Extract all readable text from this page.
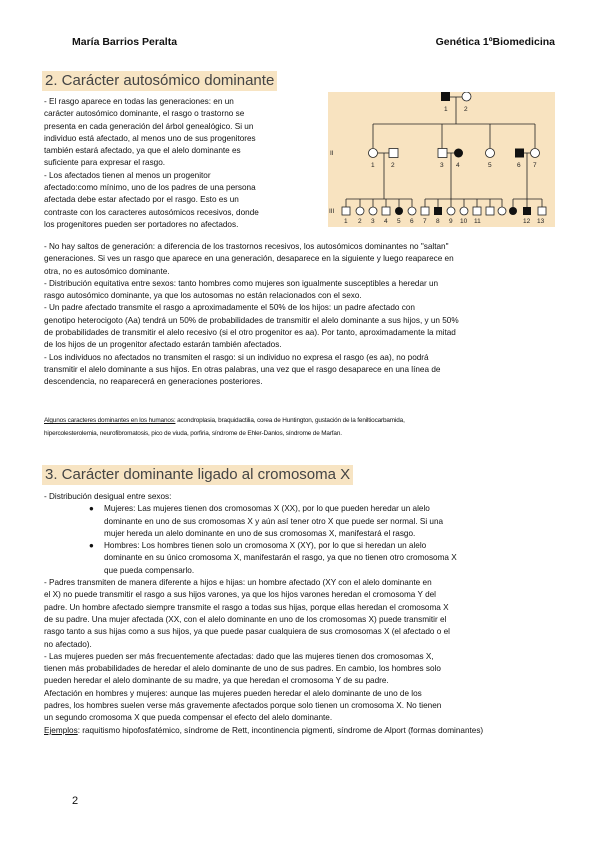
María Barrios Peralta	Genética 1ºBiomedicina
2. Carácter autosómico dominante

- El rasgo aparece en todas las generaciones: en un

carácter autosómico dominante, el rasgo o trastorno se

presenta en cada generación del árbol genealógico. Si un

individuo está afectado, al menos uno de sus progenitores

también estará afectado, ya que el alelo dominante es

suficiente para expresar el rasgo.

- Los afectados tienen al menos un progenitor

afectado:como mínimo, uno de los padres de una persona

afectada debe estar afectado por el rasgo. Esto es un

contraste con los caracteres autosómicos recesivos, donde

los progenitores pueden ser portadores no afectados.

II
III
1	2
1	2	3 4	5	6 7
1 2 3 4 5 6 7 8 9 10 11	12 13

- No hay saltos de generación: a diferencia de los trastornos recesivos, los autosómicos dominantes no "saltan"

generaciones. Si ves un rasgo que aparece en una generación, desaparece en la siguiente y luego reaparece en

otra, no es autosómico dominante.

- Distribución equitativa entre sexos: tanto hombres como mujeres son igualmente susceptibles a heredar un

rasgo autosómico dominante, ya que los autosomas no están relacionados con el sexo.

- Un padre afectado transmite el rasgo a aproximadamente el 50% de los hijos: un padre afectado con

genotipo heterocigoto (Aa) tendrá un 50% de probabilidades de transmitir el alelo dominante a sus hijos, y un 50%

de probabilidades de transmitir el alelo recesivo (si el otro progenitor es aa). Por tanto, aproximadamente la mitad

de los hijos de un progenitor afectado estarán también afectados.

- Los individuos no afectados no transmiten el rasgo: si un individuo no expresa el rasgo (es aa), no podrá

transmitir el alelo dominante a sus hijos. En otras palabras, una vez que el rasgo desaparece en una línea de

descendencia, no reaparecerá en generaciones posteriores.

Algunos caracteres dominantes en los humanos: acondroplasia, braquidactilia, corea de Huntington, gustación de la feniltiocarbamida,
hipercolesterolemia, neurofibromatosis, pico de viuda, porfiria, síndrome de Ehler-Danlos, síndrome de Marfan.
3. Carácter dominante ligado al cromosoma X

- Distribución desigual entre sexos:

● Mujeres: Las mujeres tienen dos cromosomas X (XX), por lo que pueden heredar un alelo

dominante en uno de sus cromosomas X y aún así tener otro X que puede ser normal. Si una

mujer hereda un alelo dominante en uno de sus cromosomas X, manifestará el rasgo.

● Hombres: Los hombres tienen solo un cromosoma X (XY), por lo que si heredan un alelo

dominante en su único cromosoma X, manifestarán el rasgo, ya que no tienen otro cromosoma X

que pueda compensarlo.

- Padres transmiten de manera diferente a hijos e hijas: un hombre afectado (XY con el alelo dominante en

el X) no puede transmitir el rasgo a sus hijos varones, ya que los hijos varones heredan el cromosoma Y del

padre. Un hombre afectado siempre transmite el rasgo a todas sus hijas, porque ellas heredan el cromosoma X

de su padre. Una mujer afectada (XX, con el alelo dominante en uno de los cromosomas X) puede transmitir el

rasgo tanto a sus hijas como a sus hijos, ya que puede pasar cualquiera de sus cromosomas X (el afectado o el

no afectado).

- Las mujeres pueden ser más frecuentemente afectadas: dado que las mujeres tienen dos cromosomas X,

tienen más probabilidades de heredar el alelo dominante de uno de sus padres. En cambio, los hombres solo

pueden heredar el alelo dominante de su madre, ya que heredan el cromosoma Y de su padre.

Afectación en hombres y mujeres: aunque las mujeres pueden heredar el alelo dominante de uno de los

padres, los hombres suelen verse más gravemente afectados porque solo tienen un cromosoma X. No tienen

un segundo cromosoma X que pueda compensar el efecto del alelo dominante.

Ejemplos: raquitismo hipofosfatémico, síndrome de Rett, incontinencia pigmenti, síndrome de Alport (formas dominantes)

2
